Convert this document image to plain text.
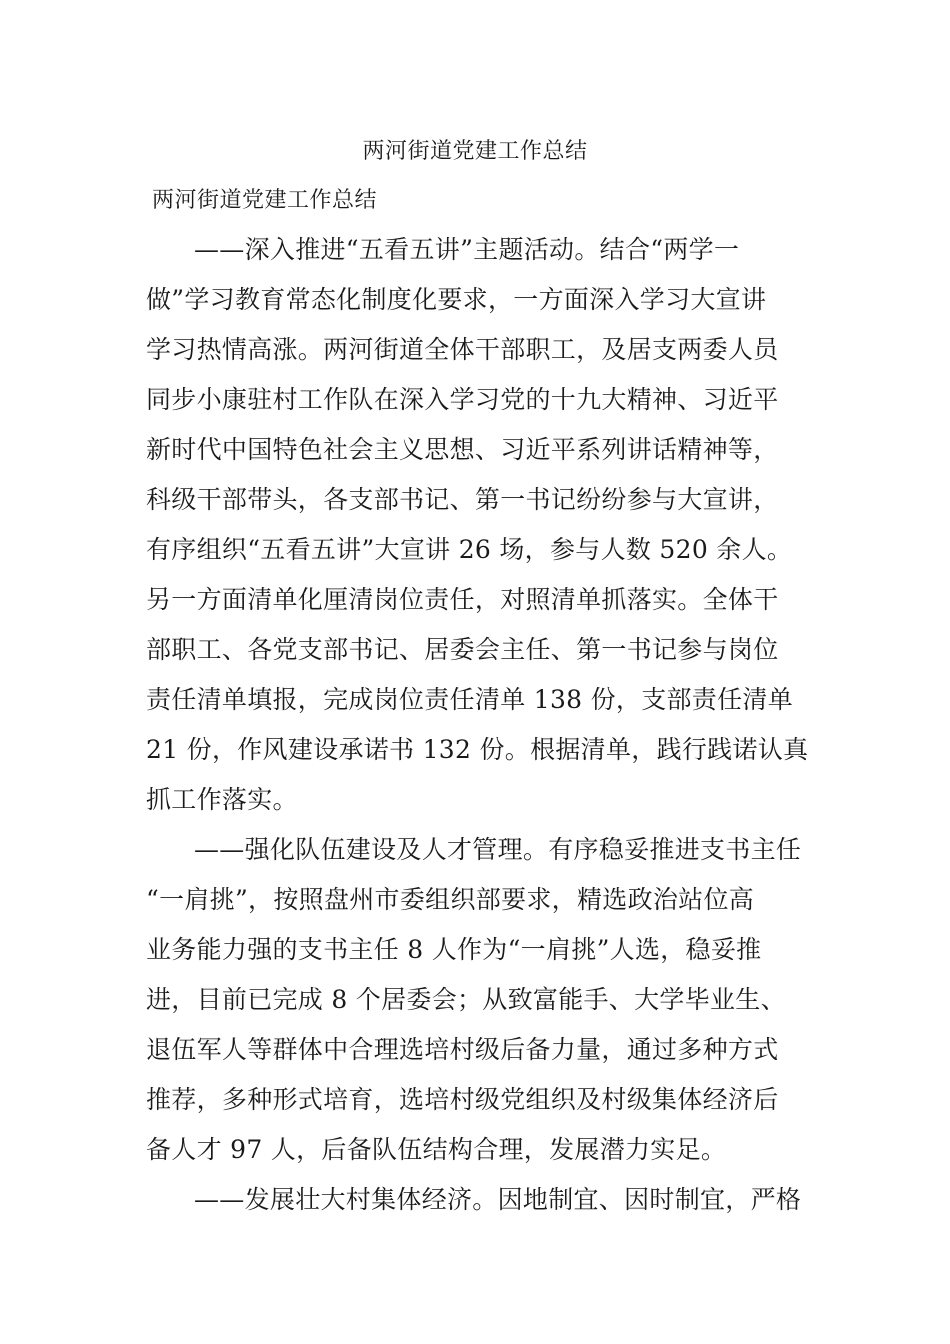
两河街道党建工作总结
两河街道党建工作总结
——深入推进“五看五讲”主题活动。结合“两学一
做”学习教育常态化制度化要求，一方面深入学习大宣讲
学习热情高涨。两河街道全体干部职工，及居支两委人员
同步小康驻村工作队在深入学习党的十九大精神、习近平
新时代中国特色社会主义思想、习近平系列讲话精神等，
科级干部带头，各支部书记、第一书记纷纷参与大宣讲，
有序组织“五看五讲”大宣讲 26 场，参与人数 520 余人。
另一方面清单化厘清岗位责任，对照清单抓落实。全体干
部职工、各党支部书记、居委会主任、第一书记参与岗位
责任清单填报，完成岗位责任清单 138 份，支部责任清单
21 份，作风建设承诺书 132 份。根据清单，践行践诺认真
抓工作落实。
——强化队伍建设及人才管理。有序稳妥推进支书主任
“一肩挑”，按照盘州市委组织部要求，精选政治站位高
业务能力强的支书主任 8 人作为“一肩挑”人选，稳妥推
进，目前已完成 8 个居委会；从致富能手、大学毕业生、
退伍军人等群体中合理选培村级后备力量，通过多种方式
推荐，多种形式培育，选培村级党组织及村级集体经济后
备人才 97 人，后备队伍结构合理，发展潜力实足。
——发展壮大村集体经济。因地制宜、因时制宜，严格
